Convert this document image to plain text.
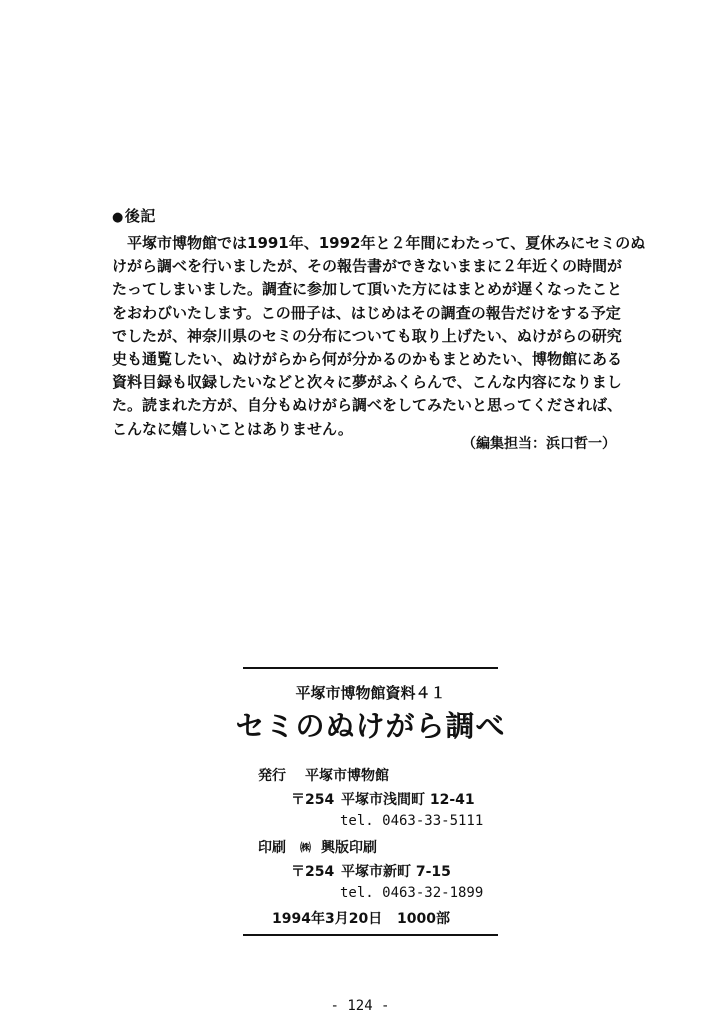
●後記
　平塚市博物館では1991年、1992年と２年間にわたって、夏休みにセミのぬ
けがら調べを行いましたが、その報告書ができないままに２年近くの時間が
たってしまいました。調査に参加して頂いた方にはまとめが遅くなったこと
をおわびいたします。この冊子は、はじめはその調査の報告だけをする予定
でしたが、神奈川県のセミの分布についても取り上げたい、ぬけがらの研究
史も通覧したい、ぬけがらから何が分かるのかもまとめたい、博物館にある
資料目録も収録したいなどと次々に夢がふくらんで、こんな内容になりまし
た。読まれた方が、自分もぬけがら調べをしてみたいと思ってくだされば、
こんなに嬉しいことはありません。
（編集担当：浜口哲一）
平塚市博物館資料４１
セミのぬけがら調べ
発行 平塚市博物館
〒254 平塚市浅間町 12-41
tel. 0463-33-5111
印刷 ㈱ 興版印刷
〒254 平塚市新町 7-15
tel. 0463-32-1899
1994年3月20日 1000部
- 124 -
